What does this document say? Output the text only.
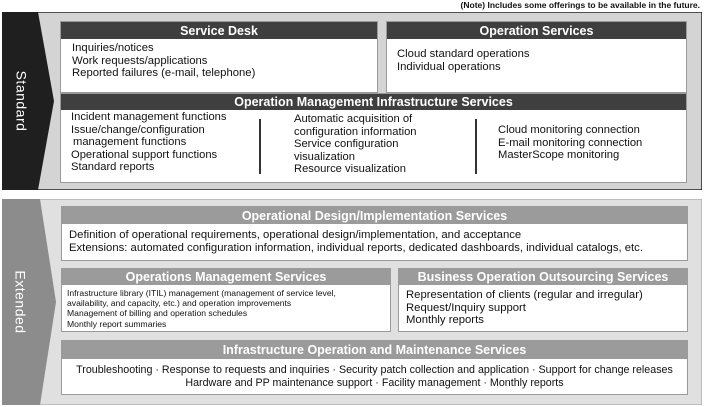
(Note) Includes some offerings to be available in the future.
Standard
Service Desk
Inquiries/notices
Work requests/applications
Reported failures (e-mail, telephone)
Operation Services
Cloud standard operations
Individual operations
Operation Management Infrastructure Services
Incident management functions
Issue/change/configuration
management functions
Operational support functions
Standard reports
Automatic acquisition of
configuration information
Service configuration
visualization
Resource visualization
Cloud monitoring connection
E-mail monitoring connection
MasterScope monitoring
Extended
Operational Design/Implementation Services
Definition of operational requirements, operational design/implementation, and acceptance
Extensions: automated configuration information, individual reports, dedicated dashboards, individual catalogs, etc.
Operations Management Services
Infrastructure library (ITIL) management (management of service level,
availability, and capacity, etc.) and operation improvements
Management of billing and operation schedules
Monthly report summaries
Business Operation Outsourcing Services
Representation of clients (regular and irregular)
Request/Inquiry support
Monthly reports
Infrastructure Operation and Maintenance Services
Troubleshooting · Response to requests and inquiries · Security patch collection and application · Support for change releases
Hardware and PP maintenance support · Facility management · Monthly reports
